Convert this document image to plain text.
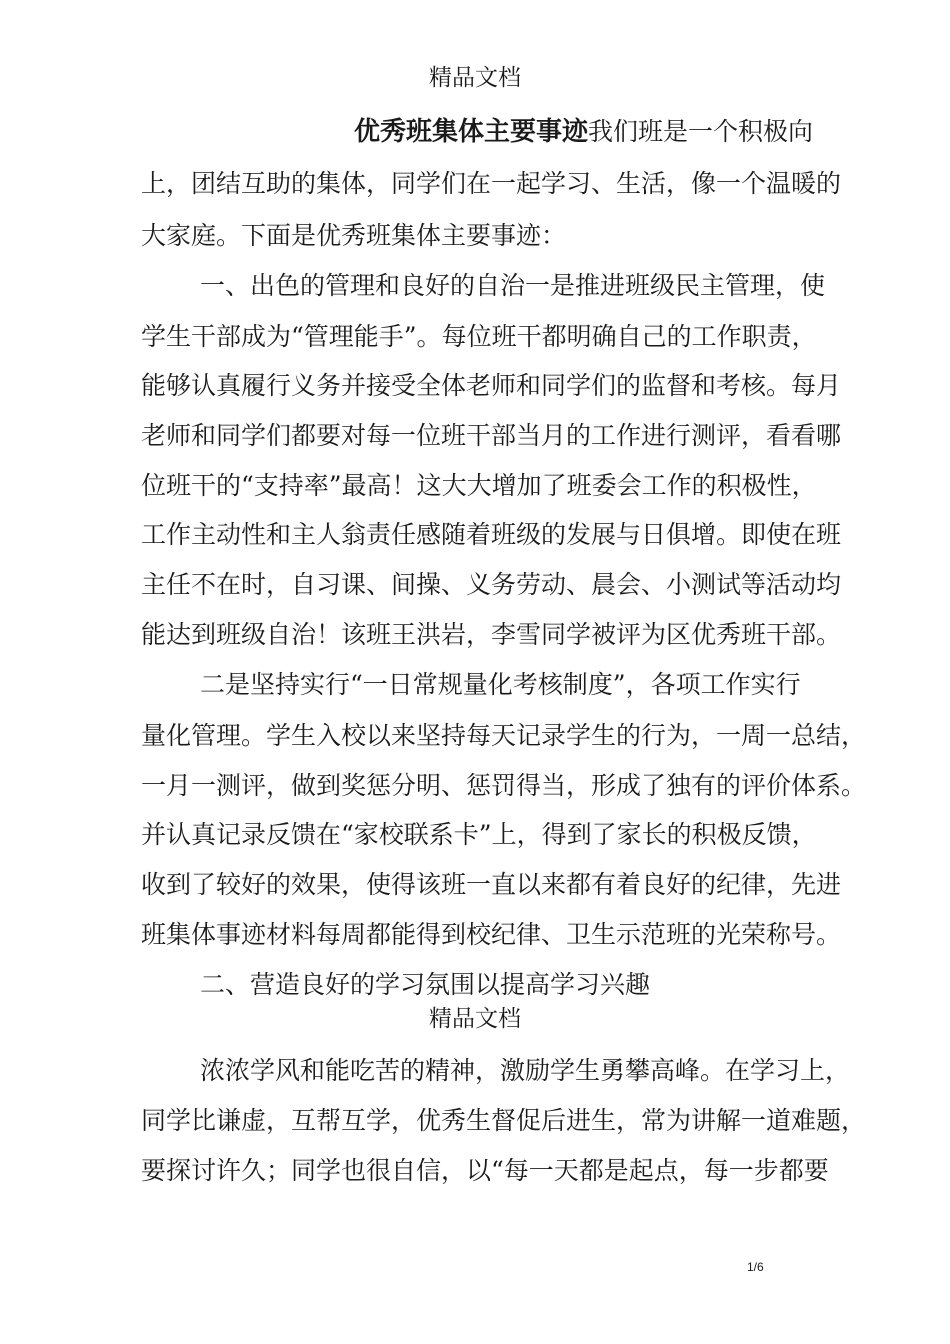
精品文档
优秀班集体主要事迹我们班是一个积极向
上，团结互助的集体，同学们在一起学习、生活，像一个温暖的
大家庭。下面是优秀班集体主要事迹：
一、出色的管理和良好的自治一是推进班级民主管理，使
学生干部成为“管理能手”。每位班干都明确自己的工作职责，
能够认真履行义务并接受全体老师和同学们的监督和考核。每月
老师和同学们都要对每一位班干部当月的工作进行测评，看看哪
位班干的“支持率”最高！这大大增加了班委会工作的积极性，
工作主动性和主人翁责任感随着班级的发展与日俱增。即使在班
主任不在时，自习课、间操、义务劳动、晨会、小测试等活动均
能达到班级自治！该班王洪岩，李雪同学被评为区优秀班干部。
二是坚持实行“一日常规量化考核制度”，各项工作实行
量化管理。学生入校以来坚持每天记录学生的行为，一周一总结，
一月一测评，做到奖惩分明、惩罚得当，形成了独有的评价体系。
并认真记录反馈在“家校联系卡”上，得到了家长的积极反馈，
收到了较好的效果，使得该班一直以来都有着良好的纪律，先进
班集体事迹材料每周都能得到校纪律、卫生示范班的光荣称号。
二、营造良好的学习氛围以提高学习兴趣
精品文档
浓浓学风和能吃苦的精神，激励学生勇攀高峰。在学习上，
同学比谦虚，互帮互学，优秀生督促后进生，常为讲解一道难题，
要探讨许久；同学也很自信，以“每一天都是起点，每一步都要
1/6
